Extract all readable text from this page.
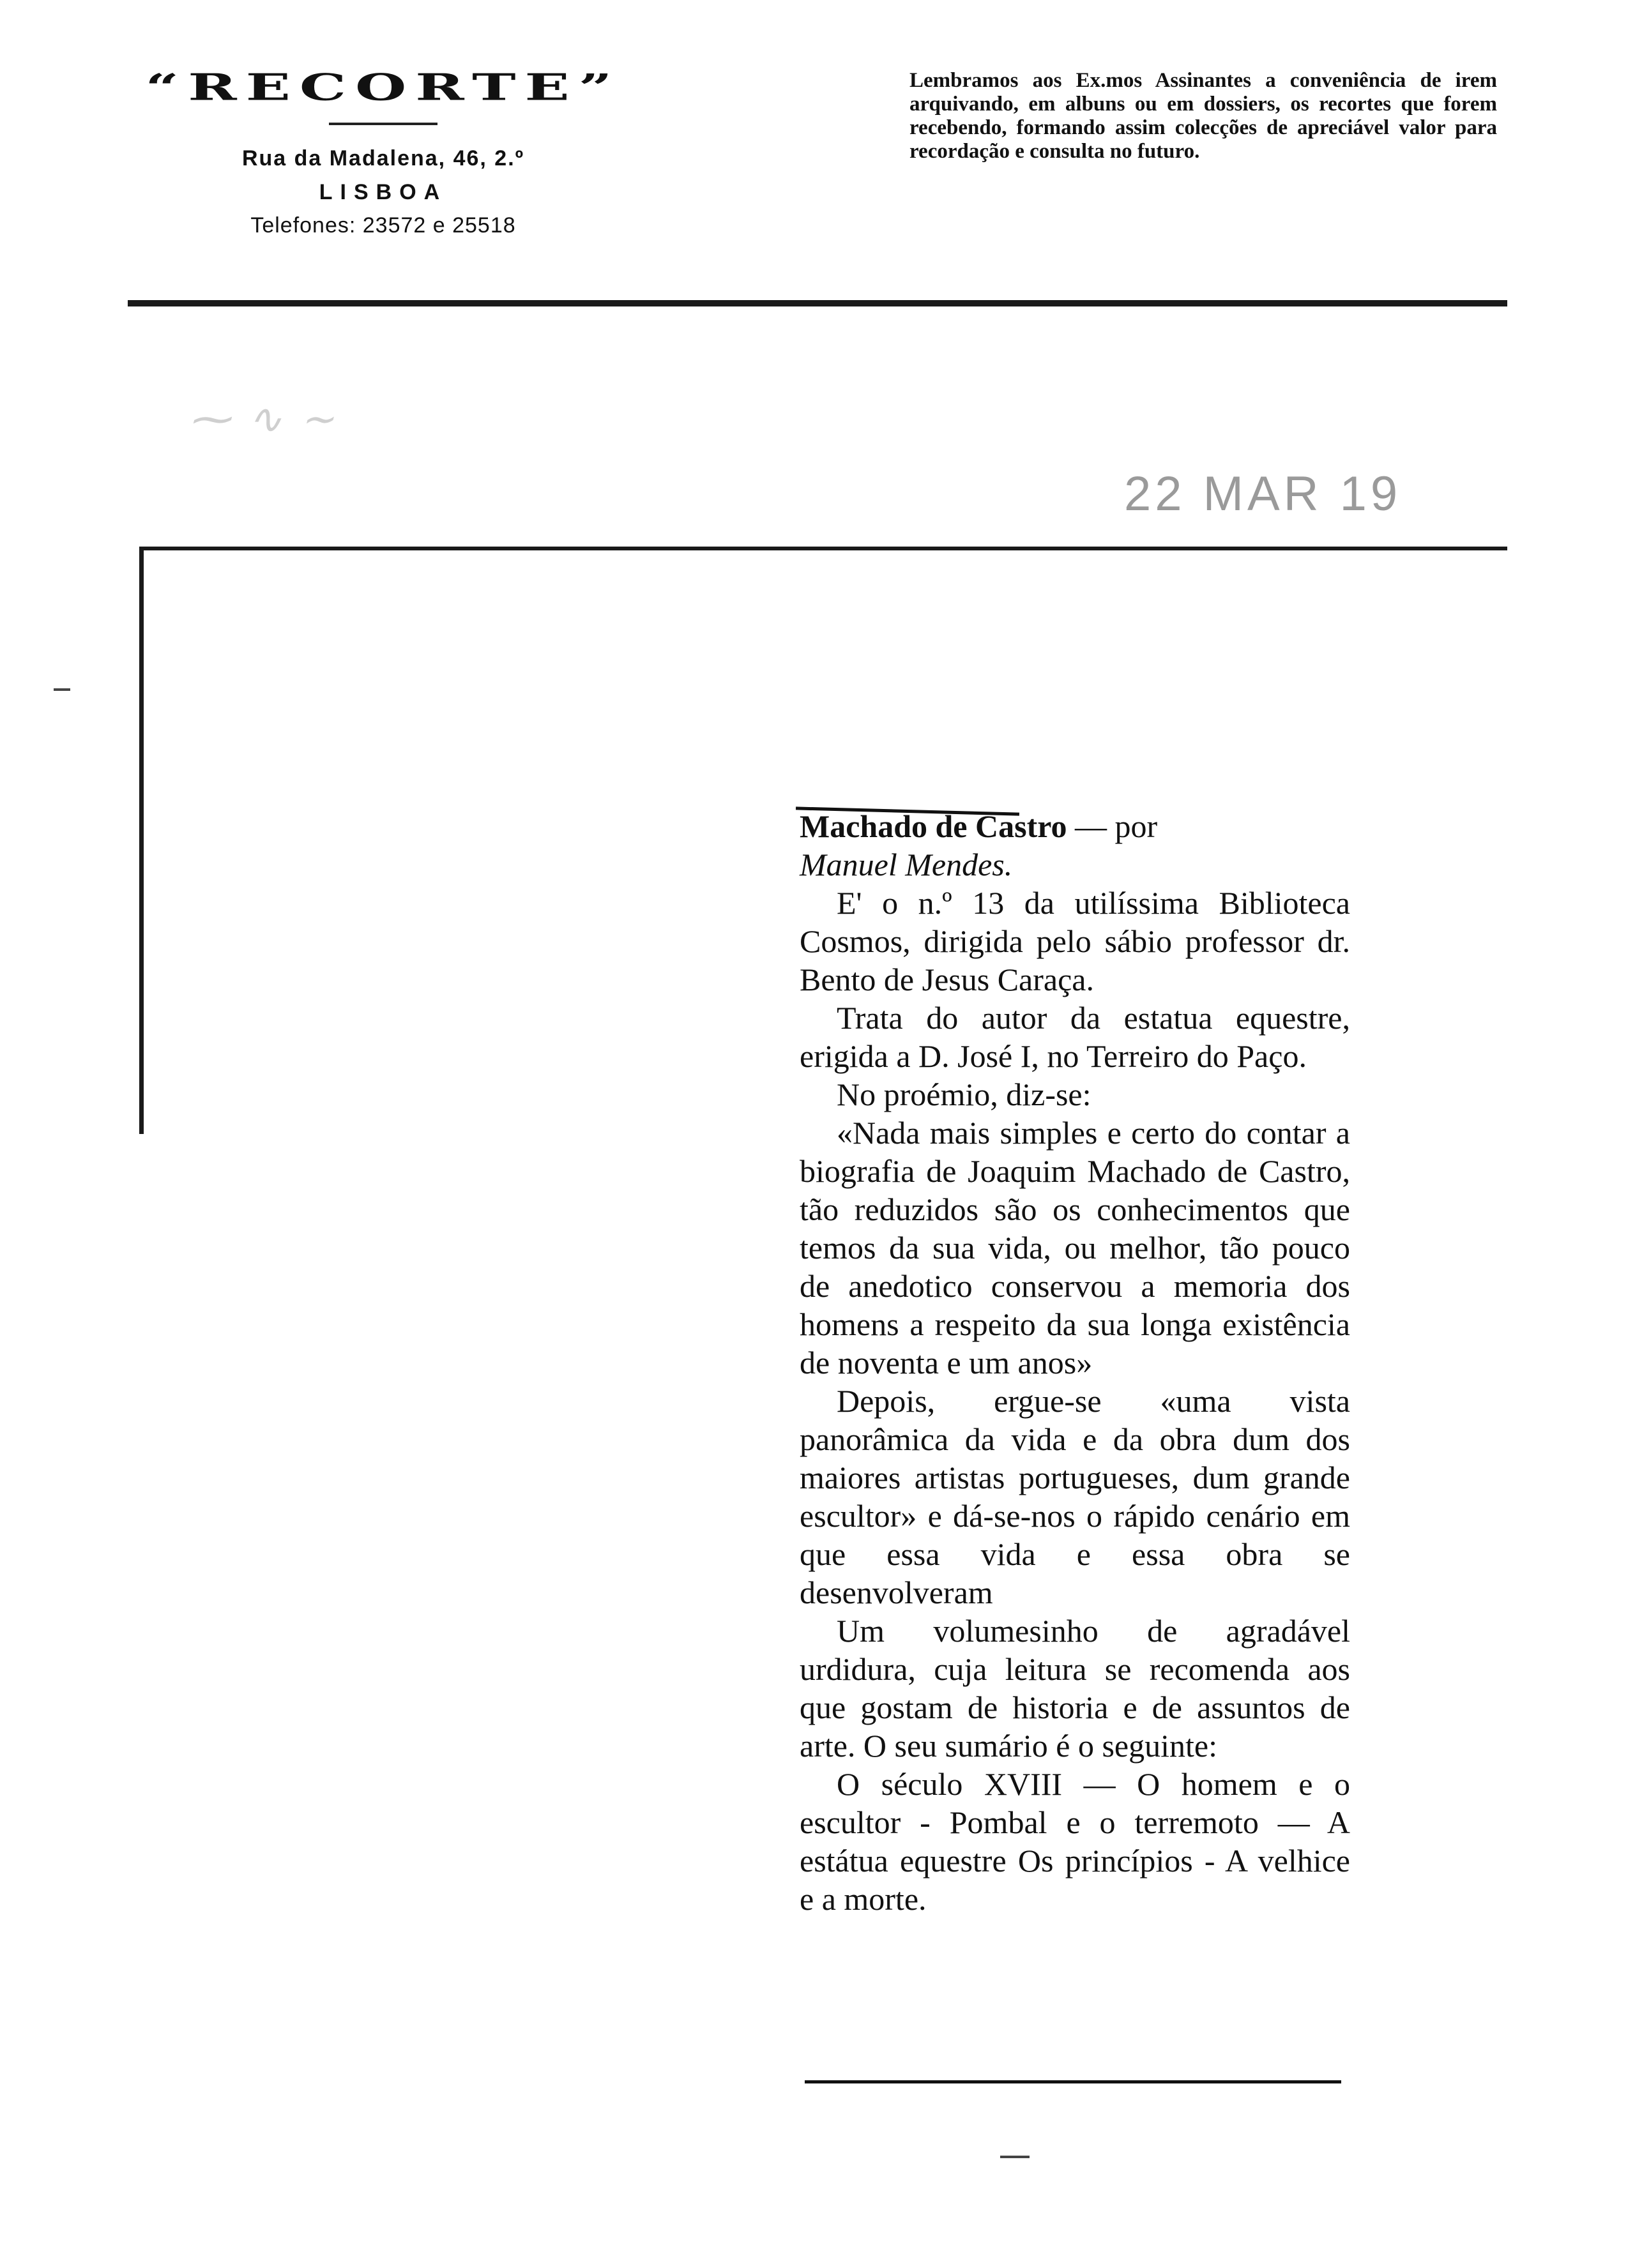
“RECORTE”
Rua da Madalena, 46, 2.º
LISBOA
Telefones: 23572 e 25518
Lembramos aos Ex.mos Assinantes a conveniência de irem arquivando, em albuns ou em dossiers, os recortes que forem recebendo, formando assim colecções de apreciável valor para recordação e consulta no futuro.
⁓ ∿ ∼
22 MAR 19

Machado de Castro — por
Manuel Mendes.

E' o n.º 13 da utilíssima Biblioteca Cosmos, dirigida pelo sábio professor dr. Bento de Jesus Caraça.

Trata do autor da estatua equestre, erigida a D. José I, no Terreiro do Paço.

No proémio, diz-se:

«Nada mais simples e certo do contar a biografia de Joaquim Machado de Castro, tão reduzidos são os conhecimentos que temos da sua vida, ou melhor, tão pouco de anedotico conservou a memoria dos homens a respeito da sua longa existência de noventa e um anos»

Depois, ergue-se «uma vista panorâmica da vida e da obra dum dos maiores artistas portugueses, dum grande escultor» e dá-se-nos o rápido cenário em que essa vida e essa obra se desenvolveram

Um volumesinho de agradável urdidura, cuja leitura se recomenda aos que gostam de historia e de assuntos de arte. O seu sumário é o seguinte:

O século XVIII — O homem e o escultor - Pombal e o terremoto — A estátua equestre Os princípios - A velhice e a morte.
